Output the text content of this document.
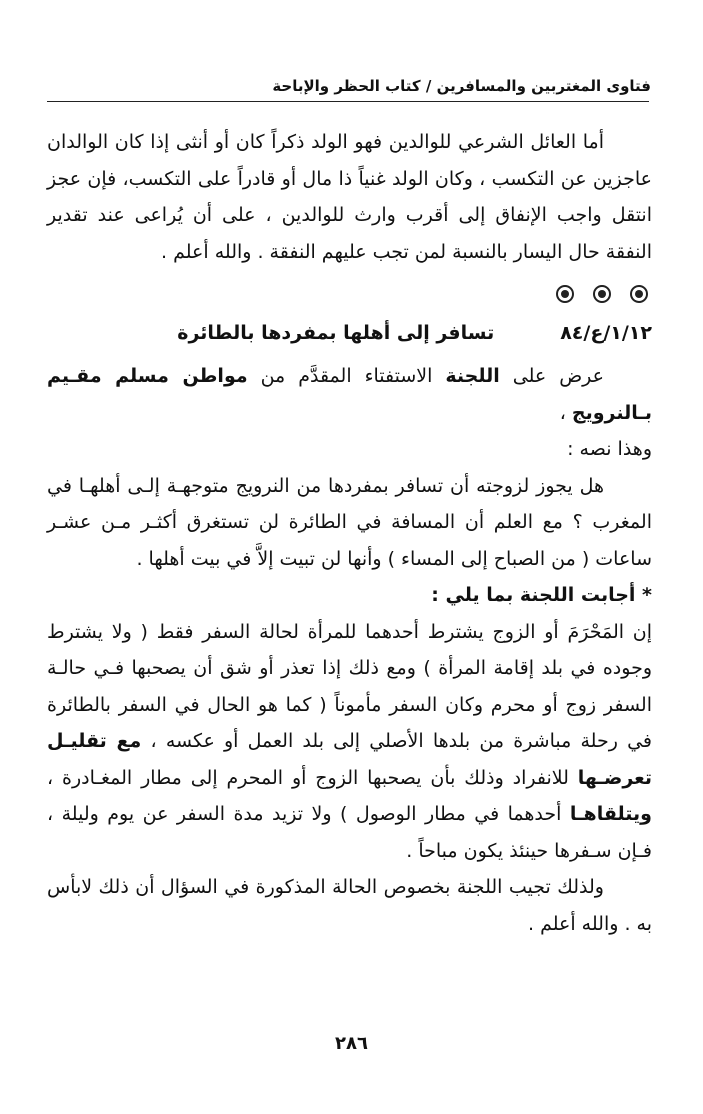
فتاوى المغتربين والمسافرين / كتاب الحظر والإباحة

أما العائل الشرعي للوالدين فهو الولد ذكراً كان أو أنثى إذا كان الوالدان عاجزين عن التكسب ، وكان الولد غنياً ذا مال أو قادراً على التكسب، فإن عجز انتقل واجب الإنفاق إلى أقرب وارث للوالدين ، على أن يُراعى عند تقدير النفقة حال اليسار بالنسبة لمن تجب عليهم النفقة . والله أعلم .

١/١٢/ع/٨٤
تسافر إلى أهلها بمفردها بالطائرة

عرض على اللجنة الاستفتاء المقدَّم من مواطن مسلم مقـيم بـالنرويج ،

وهذا نصه :

هل يجوز لزوجته أن تسافر بمفردها من النرويج متوجهـة إلـى أهلهـا في المغرب ؟ مع العلم أن المسافة في الطائرة لن تستغرق أكثـر مـن عشـر ساعات ( من الصباح إلى المساء ) وأنها لن تبيت إلاَّ في بيت أهلها .

* أجابت اللجنة بما يلي :

إن المَحْرَمَ أو الزوج يشترط أحدهما للمرأة لحالة السفر فقط ( ولا يشترط وجوده في بلد إقامة المرأة ) ومع ذلك إذا تعذر أو شق أن يصحبها فـي حالـة السفر زوج أو محرم وكان السفر مأموناً ( كما هو الحال في السفر بالطائرة في رحلة مباشرة من بلدها الأصلي إلى بلد العمل أو عكسه ، مع تقليـل تعرضـها للانفراد وذلك بأن يصحبها الزوج أو المحرم إلى مطار المغـادرة ، ويتلقاهـا أحدهما في مطار الوصول ) ولا تزيد مدة السفر عن يوم وليلة ، فـإن سـفرها حينئذ يكون مباحاً .

ولذلك تجيب اللجنة بخصوص الحالة المذكورة في السؤال أن ذلك لابأس به . والله أعلم .

٢٨٦
